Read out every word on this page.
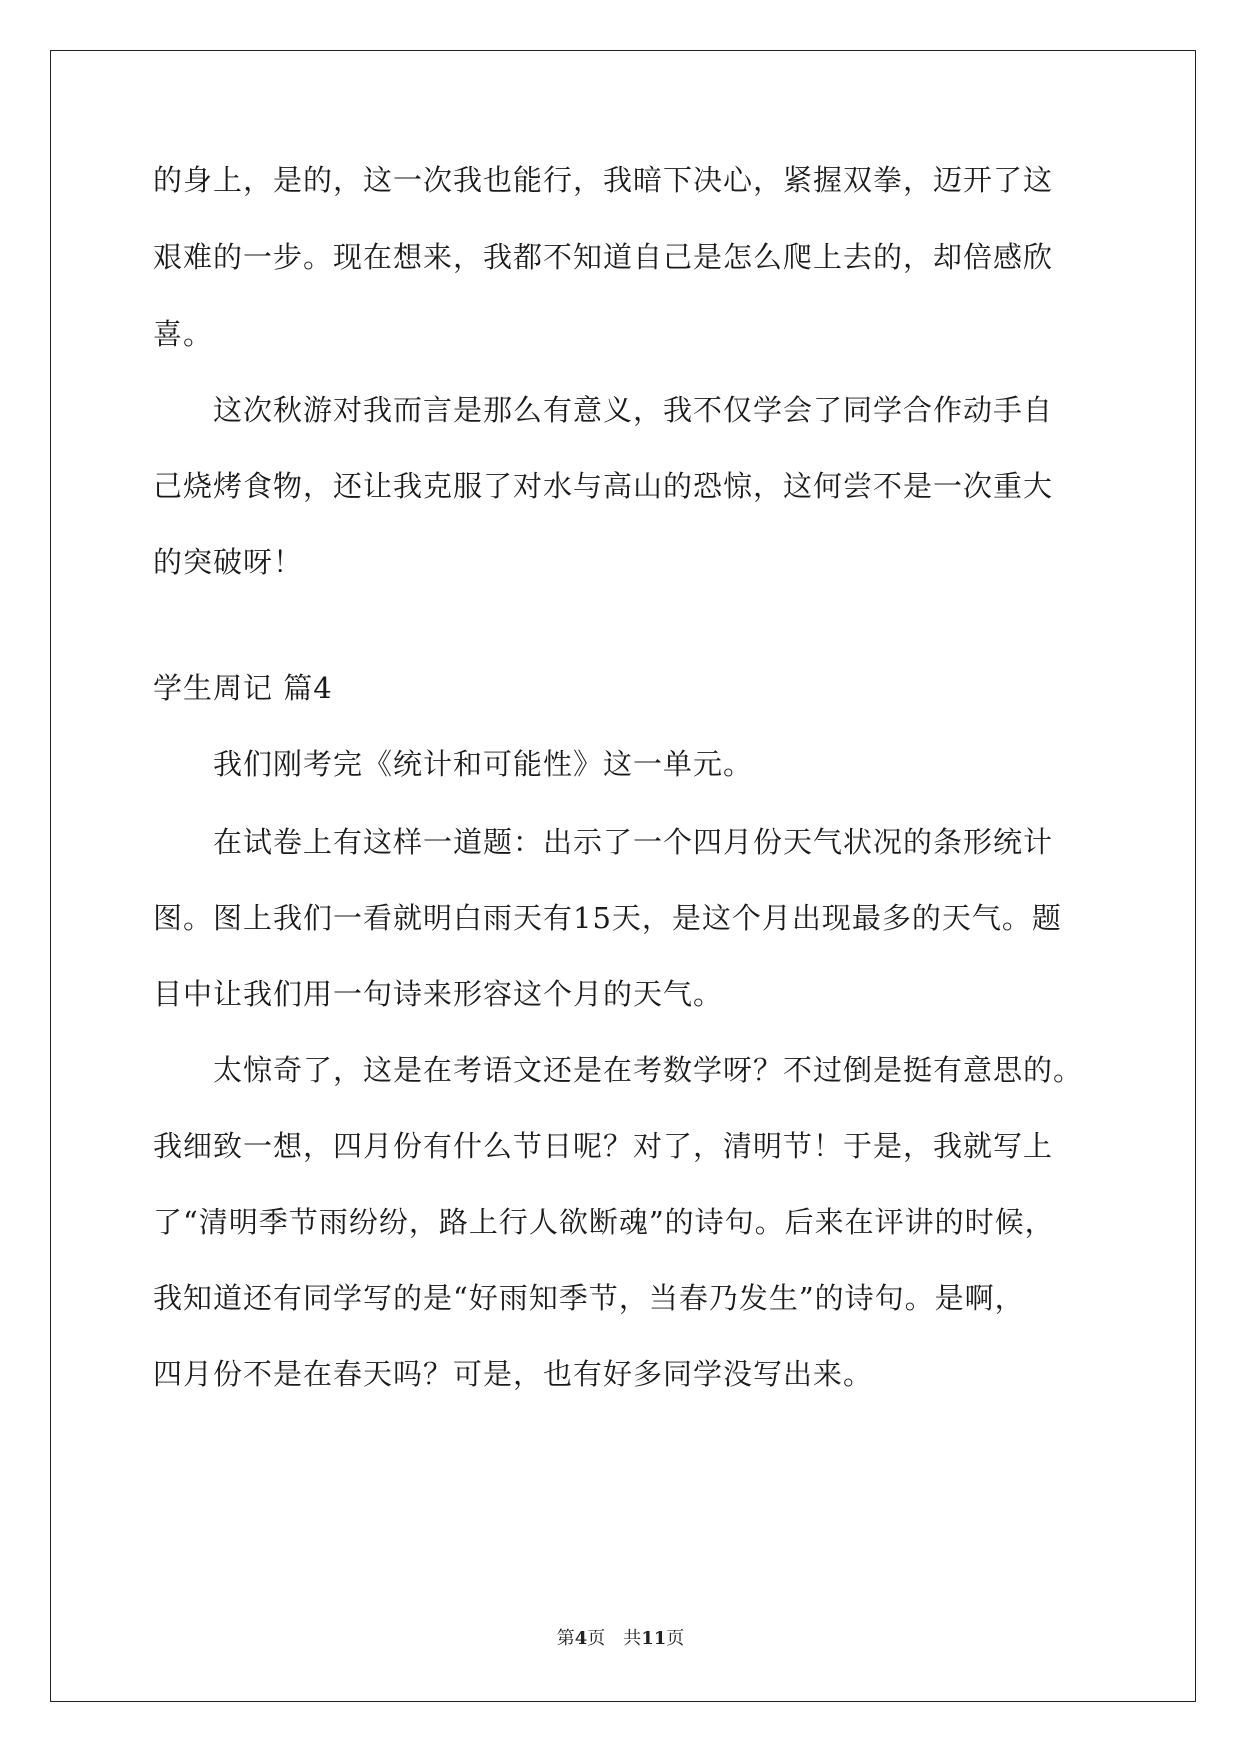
的身上，是的，这一次我也能行，我暗下决心，紧握双拳，迈开了这
艰难的一步。现在想来，我都不知道自己是怎么爬上去的，却倍感欣
喜。
　　这次秋游对我而言是那么有意义，我不仅学会了同学合作动手自
己烧烤食物，还让我克服了对水与高山的恐惊，这何尝不是一次重大
的突破呀！
学生周记 篇4
　　我们刚考完《统计和可能性》这一单元。
　　在试卷上有这样一道题：出示了一个四月份天气状况的条形统计
图。图上我们一看就明白雨天有15天，是这个月出现最多的天气。题
目中让我们用一句诗来形容这个月的天气。
　　太惊奇了，这是在考语文还是在考数学呀？不过倒是挺有意思的。
我细致一想，四月份有什么节日呢？对了，清明节！于是，我就写上
了“清明季节雨纷纷，路上行人欲断魂”的诗句。后来在评讲的时候，
我知道还有同学写的是“好雨知季节，当春乃发生”的诗句。是啊，
四月份不是在春天吗？可是，也有好多同学没写出来。
第4页　共11页
